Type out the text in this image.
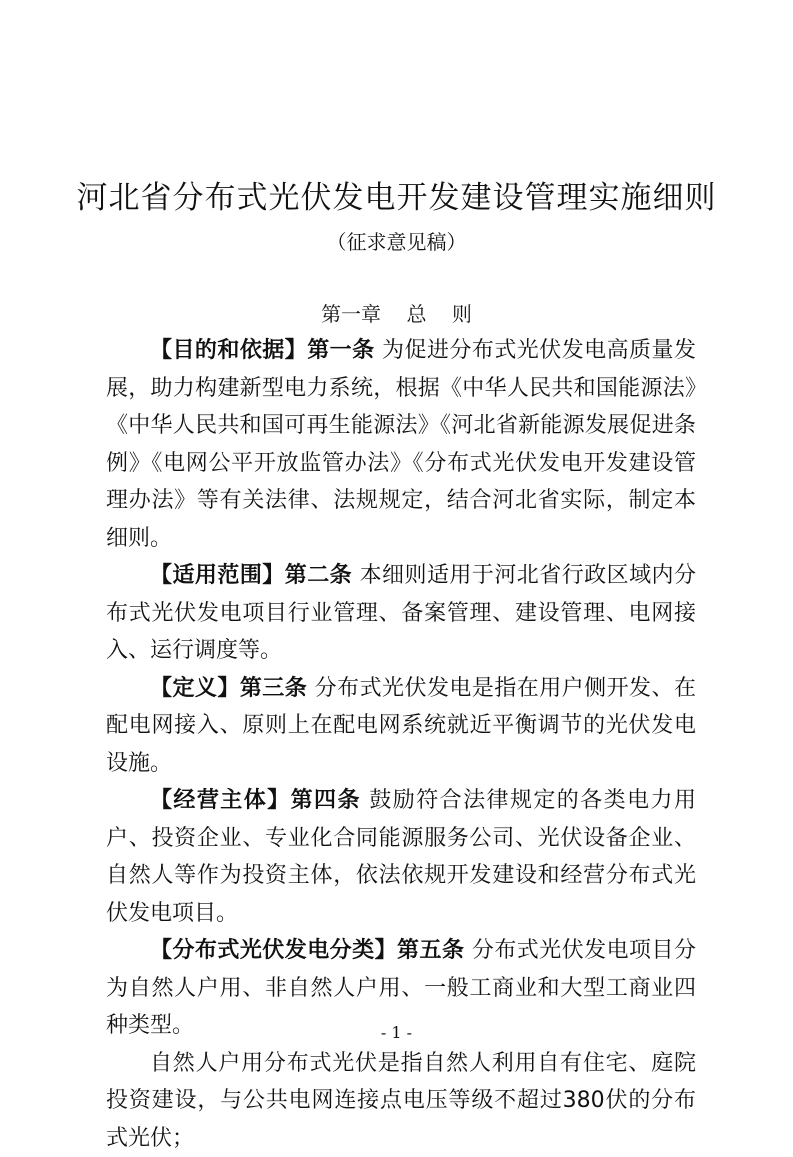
河北省分布式光伏发电开发建设管理实施细则
（征求意见稿）
第一章    总    则

【目的和依据】第一条 为促进分布式光伏发电高质量发展，助力构建新型电力系统，根据《中华人民共和国能源法》《中华人民共和国可再生能源法》《河北省新能源发展促进条例》《电网公平开放监管办法》《分布式光伏发电开发建设管理办法》等有关法律、法规规定，结合河北省实际，制定本细则。

【适用范围】第二条 本细则适用于河北省行政区域内分布式光伏发电项目行业管理、备案管理、建设管理、电网接入、运行调度等。

【定义】第三条 分布式光伏发电是指在用户侧开发、在配电网接入、原则上在配电网系统就近平衡调节的光伏发电设施。

【经营主体】第四条 鼓励符合法律规定的各类电力用户、投资企业、专业化合同能源服务公司、光伏设备企业、自然人等作为投资主体，依法依规开发建设和经营分布式光伏发电项目。

【分布式光伏发电分类】第五条 分布式光伏发电项目分为自然人户用、非自然人户用、一般工商业和大型工商业四种类型。

自然人户用分布式光伏是指自然人利用自有住宅、庭院投资建设，与公共电网连接点电压等级不超过380伏的分布式光伏；

- 1 -
